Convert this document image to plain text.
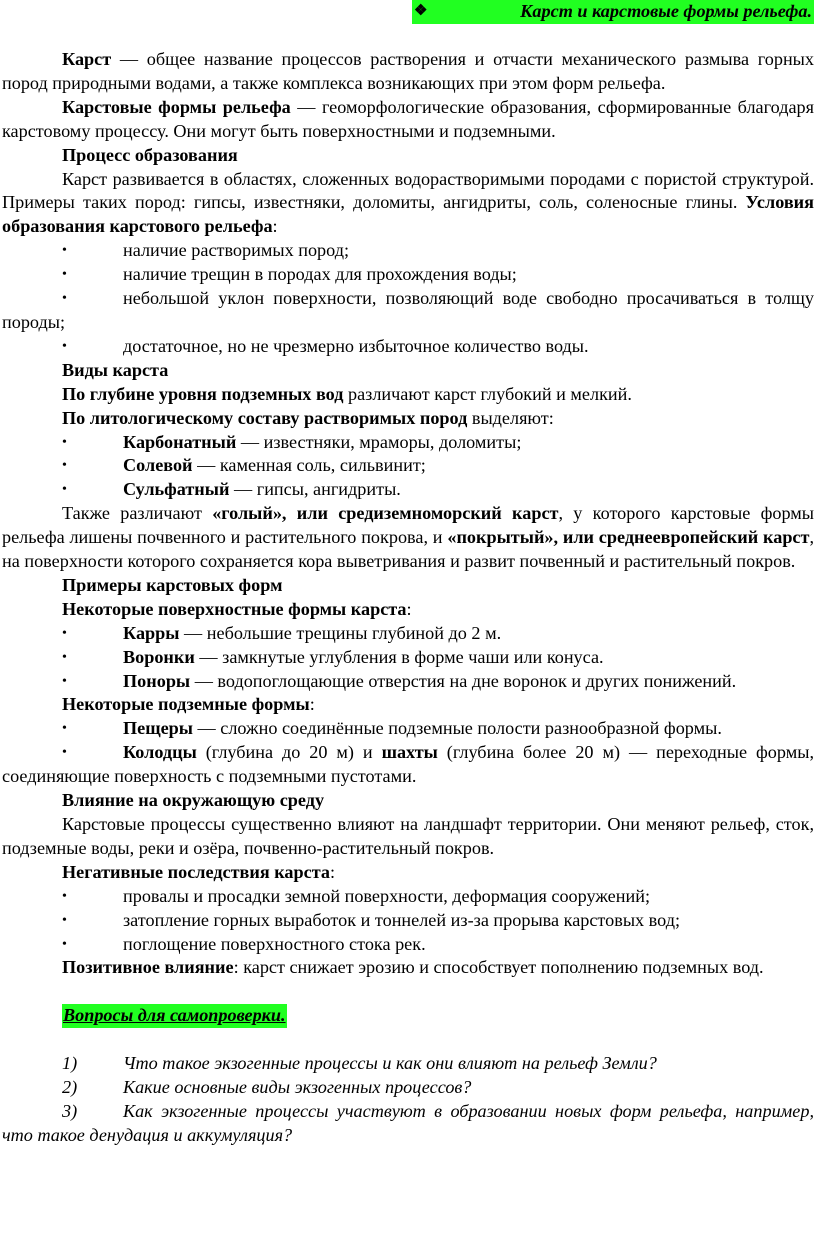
❖	Карст и карстовые формы рельефа.

Карст — общее название процессов растворения и отчасти механического размыва горных пород природными водами, а также комплекса возникающих при этом форм рельефа.

Карстовые формы рельефа — геоморфологические образования, сформированные благодаря карстовому процессу. Они могут быть поверхностными и подземными.

Процесс образования

Карст развивается в областях, сложенных водорастворимыми породами с пористой структурой. Примеры таких пород: гипсы, известняки, доломиты, ангидриты, соль, соленосные глины. Условия образования карстового рельефа:

•	наличие растворимых пород;

•	наличие трещин в породах для прохождения воды;

•	небольшой уклон поверхности, позволяющий воде свободно просачиваться в толщу породы;

•	достаточное, но не чрезмерно избыточное количество воды.

Виды карста

По глубине уровня подземных вод различают карст глубокий и мелкий.

По литологическому составу растворимых пород выделяют:

•	Карбонатный — известняки, мраморы, доломиты;

•	Солевой — каменная соль, сильвинит;

•	Сульфатный — гипсы, ангидриты.

Также различают «голый», или средиземноморский карст, у которого карстовые формы рельефа лишены почвенного и растительного покрова, и «покрытый», или среднеевропейский карст, на поверхности которого сохраняется кора выветривания и развит почвенный и растительный покров.

Примеры карстовых форм

Некоторые поверхностные формы карста:

•	Карры — небольшие трещины глубиной до 2 м.

•	Воронки — замкнутые углубления в форме чаши или конуса.

•	Поноры — водопоглощающие отверстия на дне воронок и других понижений.

Некоторые подземные формы:

•	Пещеры — сложно соединённые подземные полости разнообразной формы.

•	Колодцы (глубина до 20 м) и шахты (глубина более 20 м) — переходные формы, соединяющие поверхность с подземными пустотами.

Влияние на окружающую среду

Карстовые процессы существенно влияют на ландшафт территории. Они меняют рельеф, сток, подземные воды, реки и озёра, почвенно-растительный покров.

Негативные последствия карста:

•	провалы и просадки земной поверхности, деформация сооружений;

•	затопление горных выработок и тоннелей из-за прорыва карстовых вод;

•	поглощение поверхностного стока рек.

Позитивное влияние: карст снижает эрозию и способствует пополнению подземных вод.

Вопросы для самопроверки.

1)	Что такое экзогенные процессы и как они влияют на рельеф Земли?

2)	Какие основные виды экзогенных процессов?

3)	Как экзогенные процессы участвуют в образовании новых форм рельефа, например, что такое денудация и аккумуляция?
